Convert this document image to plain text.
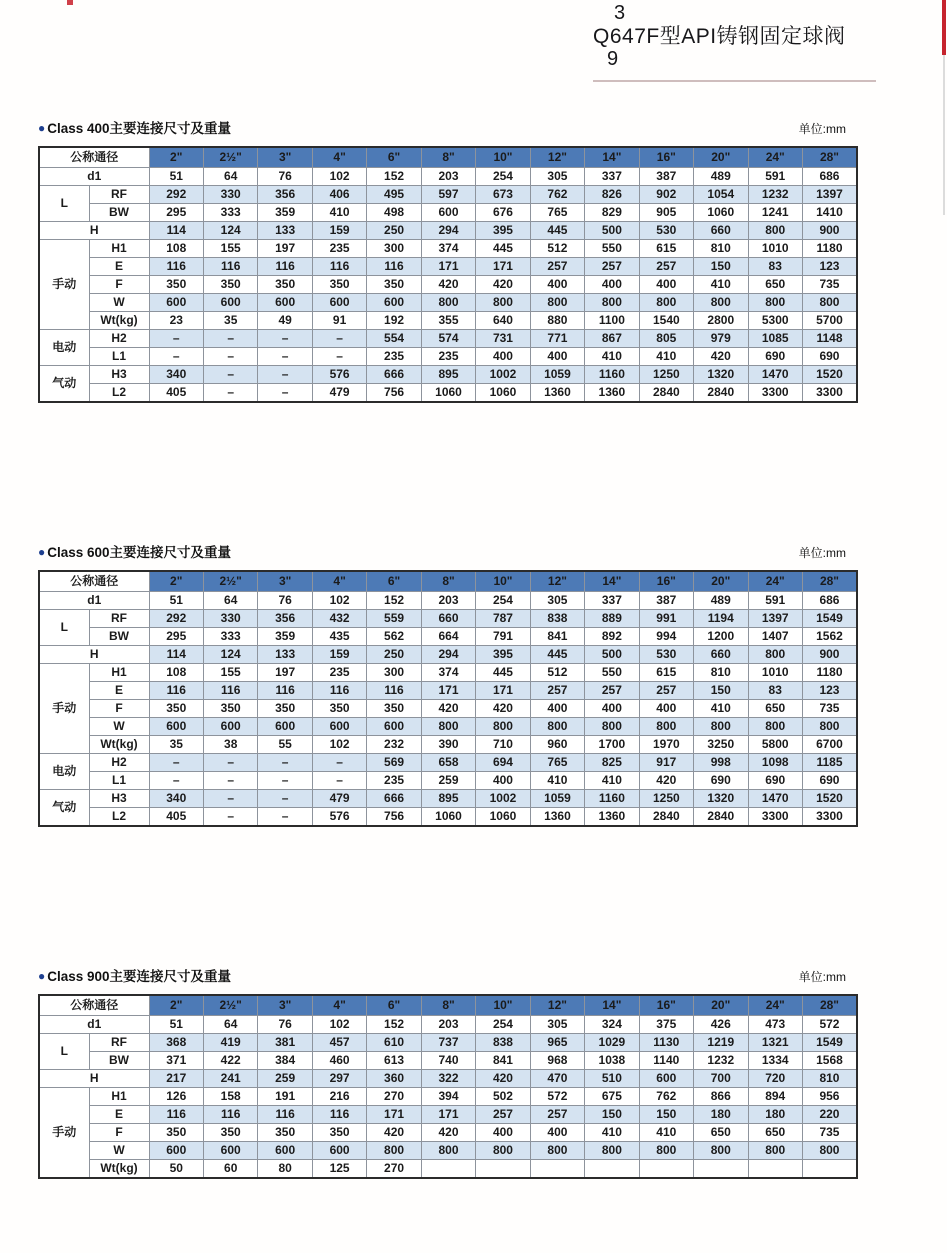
3
Q647F型API铸钢固定球阀
9
● Class 400主要连接尺寸及重量	单位:mm
公称通径		2"	2½"	3"	4"	6"	8"	10"	12"	14"	16"	20"	24"	28"
d1		51	64	76	102	152	203	254	305	337	387	489	591	686
L	RF	292	330	356	406	495	597	673	762	826	902	1054	1232	1397
	BW	295	333	359	410	498	600	676	765	829	905	1060	1241	1410
H		114	124	133	159	250	294	395	445	500	530	660	800	900
手动	H1	108	155	197	235	300	374	445	512	550	615	810	1010	1180
	E	116	116	116	116	116	171	171	257	257	257	150	83	123
	F	350	350	350	350	350	420	420	400	400	400	410	650	735
	W	600	600	600	600	600	800	800	800	800	800	800	800	800
	Wt(kg)	23	35	49	91	192	355	640	880	1100	1540	2800	5300	5700
电动	H2	–	–	–	–	554	574	731	771	867	805	979	1085	1148
	L1	–	–	–	–	235	235	400	400	410	410	420	690	690
气动	H3	340	–	–	576	666	895	1002	1059	1160	1250	1320	1470	1520
	L2	405	–	–	479	756	1060	1060	1360	1360	2840	2840	3300	3300
● Class 600主要连接尺寸及重量	单位:mm
公称通径		2"	2½"	3"	4"	6"	8"	10"	12"	14"	16"	20"	24"	28"
d1		51	64	76	102	152	203	254	305	337	387	489	591	686
L	RF	292	330	356	432	559	660	787	838	889	991	1194	1397	1549
	BW	295	333	359	435	562	664	791	841	892	994	1200	1407	1562
H		114	124	133	159	250	294	395	445	500	530	660	800	900
手动	H1	108	155	197	235	300	374	445	512	550	615	810	1010	1180
	E	116	116	116	116	116	171	171	257	257	257	150	83	123
	F	350	350	350	350	350	420	420	400	400	400	410	650	735
	W	600	600	600	600	600	800	800	800	800	800	800	800	800
	Wt(kg)	35	38	55	102	232	390	710	960	1700	1970	3250	5800	6700
电动	H2	–	–	–	–	569	658	694	765	825	917	998	1098	1185
	L1	–	–	–	–	235	259	400	410	410	420	690	690	690
气动	H3	340	–	–	479	666	895	1002	1059	1160	1250	1320	1470	1520
	L2	405	–	–	576	756	1060	1060	1360	1360	2840	2840	3300	3300
● Class 900主要连接尺寸及重量	单位:mm
公称通径		2"	2½"	3"	4"	6"	8"	10"	12"	14"	16"	20"	24"	28"
d1		51	64	76	102	152	203	254	305	324	375	426	473	572
L	RF	368	419	381	457	610	737	838	965	1029	1130	1219	1321	1549
	BW	371	422	384	460	613	740	841	968	1038	1140	1232	1334	1568
H		217	241	259	297	360	322	420	470	510	600	700	720	810
手动	H1	126	158	191	216	270	394	502	572	675	762	866	894	956
	E	116	116	116	116	171	171	257	257	150	150	180	180	220
	F	350	350	350	350	420	420	400	400	410	410	650	650	735
	W	600	600	600	600	800	800	800	800	800	800	800	800	800
	Wt(kg)	50	60	80	125	270								
